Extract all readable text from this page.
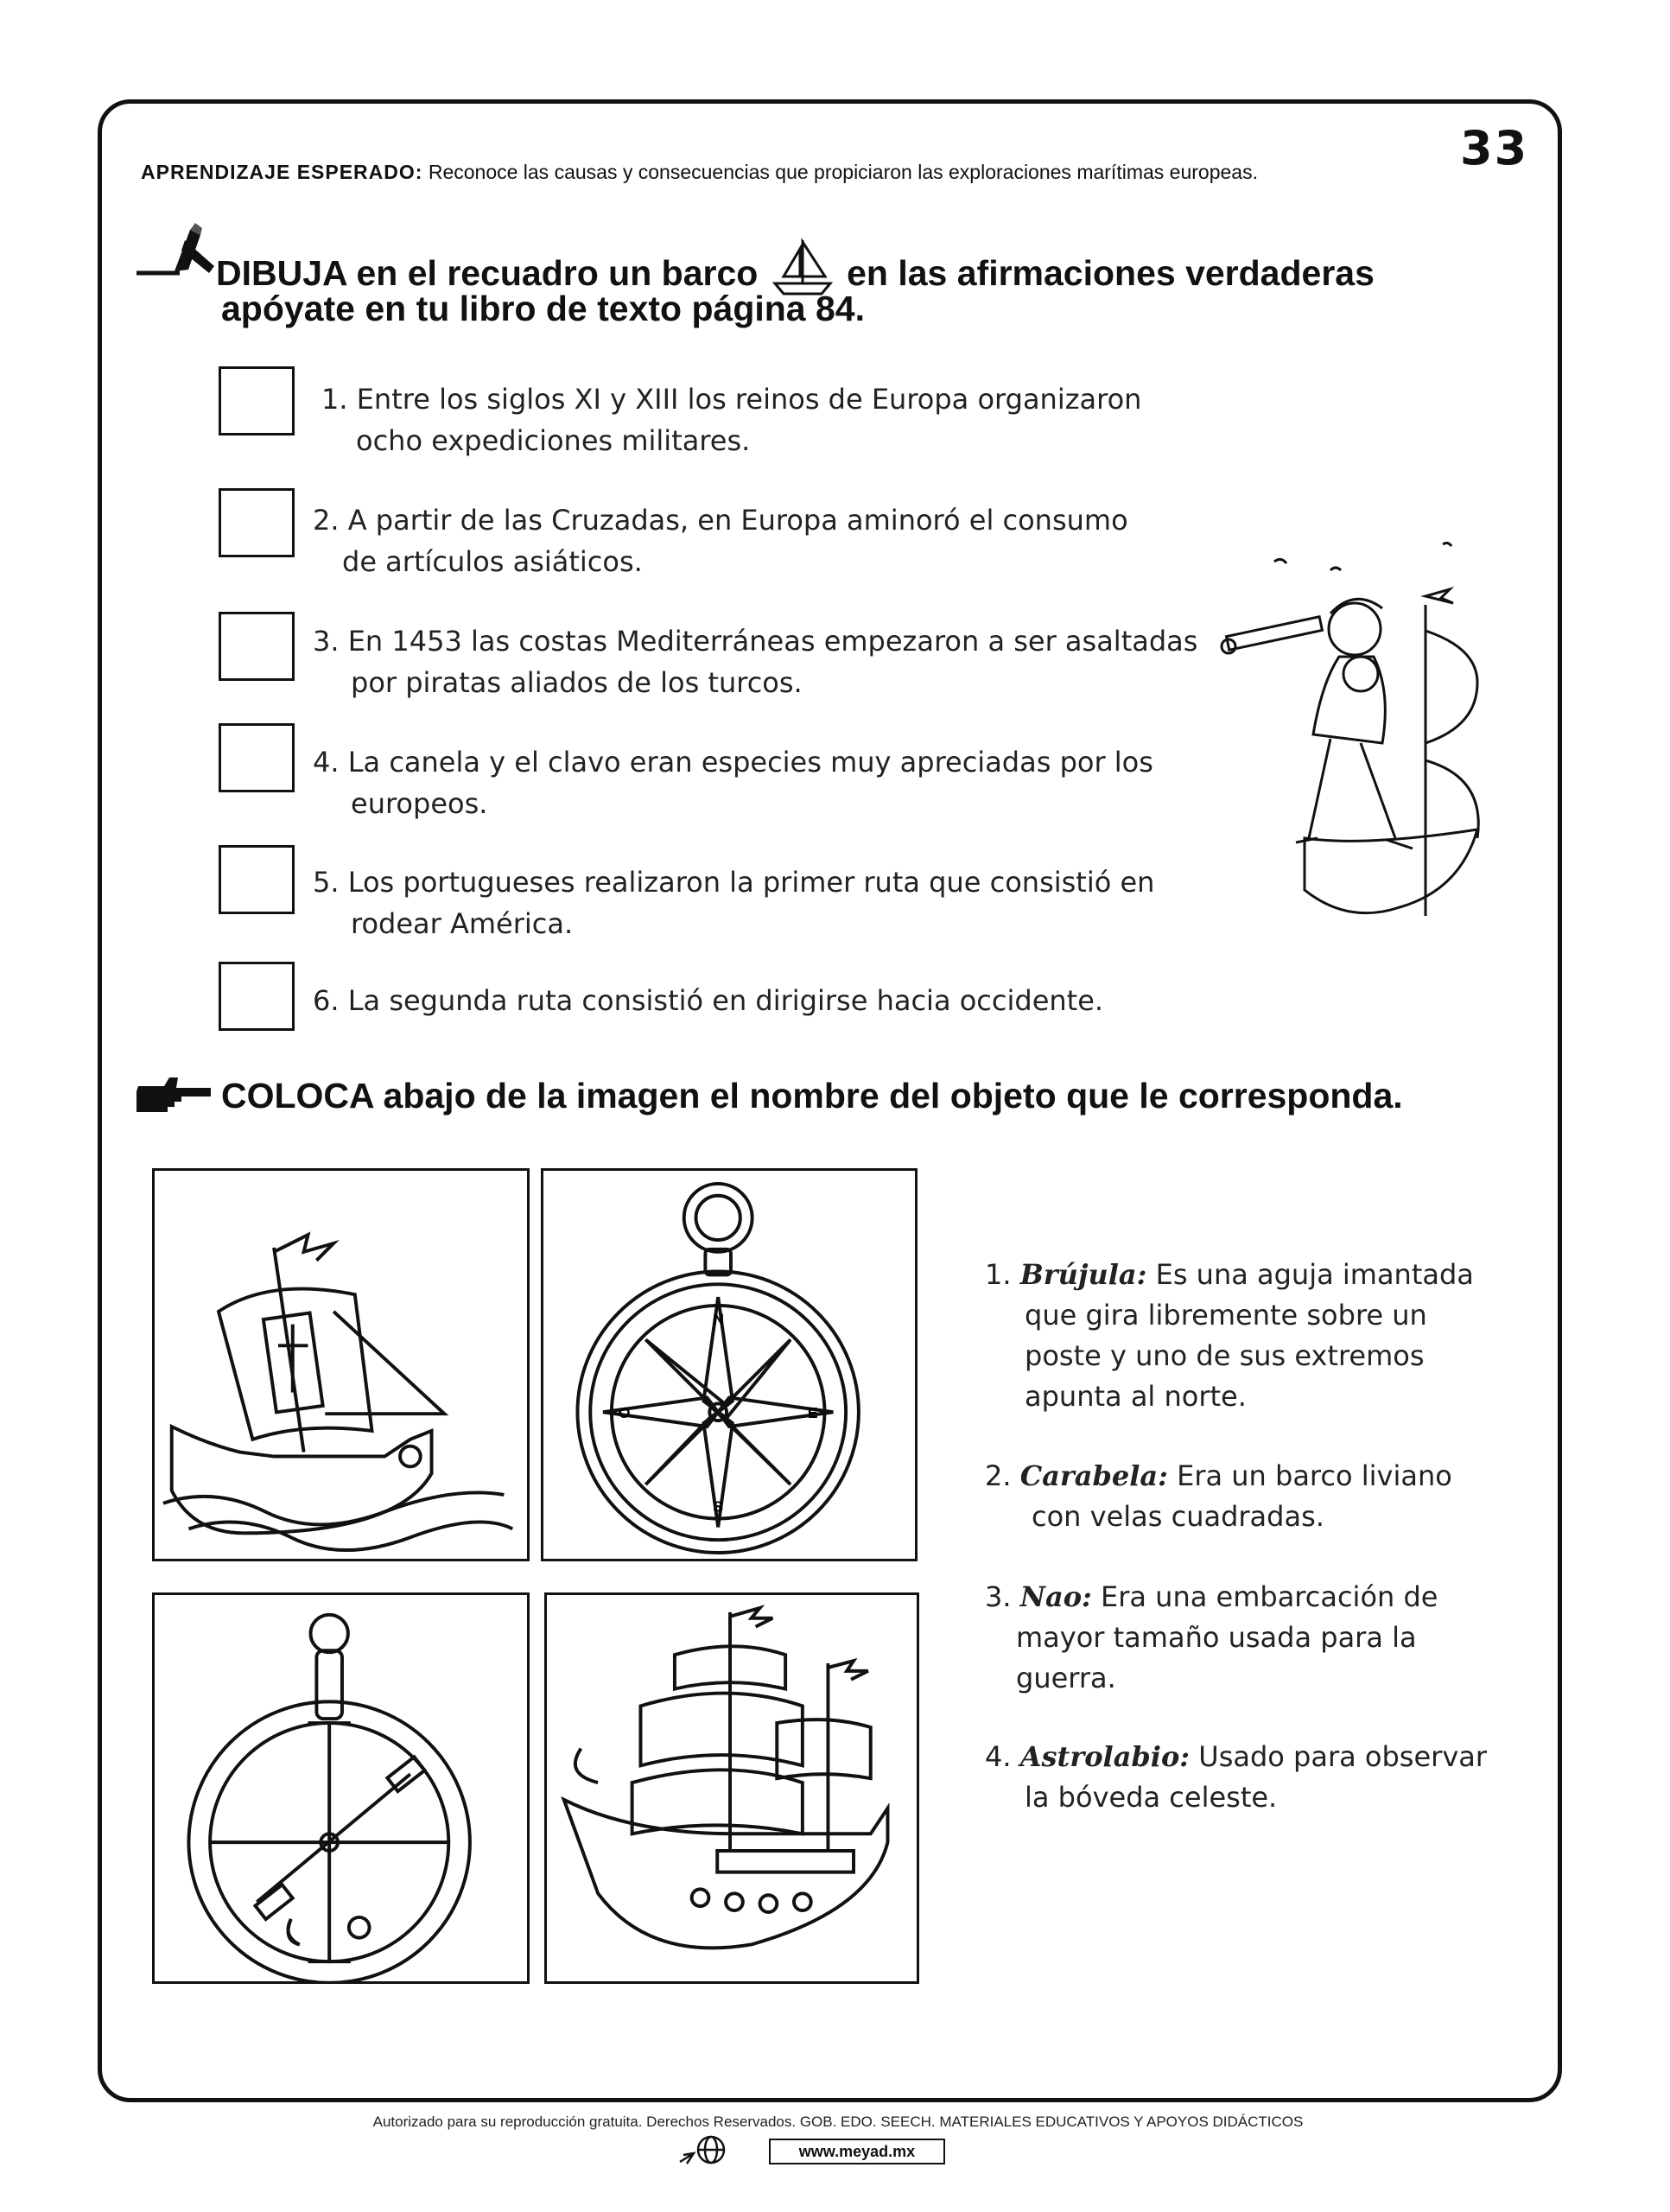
33
APRENDIZAJE ESPERADO: Reconoce las causas y consecuencias que propiciaron las exploraciones marítimas europeas.
DIBUJA en el recuadro un barco	en las afirmaciones verdaderas
apóyate en tu libro de texto página 84.
1. Entre los siglos XI y XIII los reinos de Europa organizaron
ocho expediciones militares.
2. A partir de las Cruzadas, en Europa aminoró el consumo
de artículos asiáticos.
3. En 1453 las costas Mediterráneas empezaron a ser asaltadas
por piratas aliados de los turcos.
4. La canela y el clavo eran especies muy apreciadas por los
europeos.
5. Los portugueses realizaron la primer ruta que consistió en
rodear América.
6. La segunda ruta consistió en dirigirse hacia occidente.
COLOCA abajo de la imagen el nombre del objeto que le corresponda.
N
S
E
O
1. Brújula: Es una aguja imantada
que gira libremente sobre un
poste y uno de sus extremos
apunta al norte.
2. Carabela: Era un barco liviano
con velas cuadradas.
3. Nao: Era una embarcación de
mayor tamaño usada para la
guerra.
4. Astrolabio: Usado para observar
la bóveda celeste.
Autorizado para su reproducción gratuita. Derechos Reservados. GOB. EDO. SEECH. MATERIALES EDUCATIVOS Y APOYOS DIDÁCTICOS
www.meyad.mx
